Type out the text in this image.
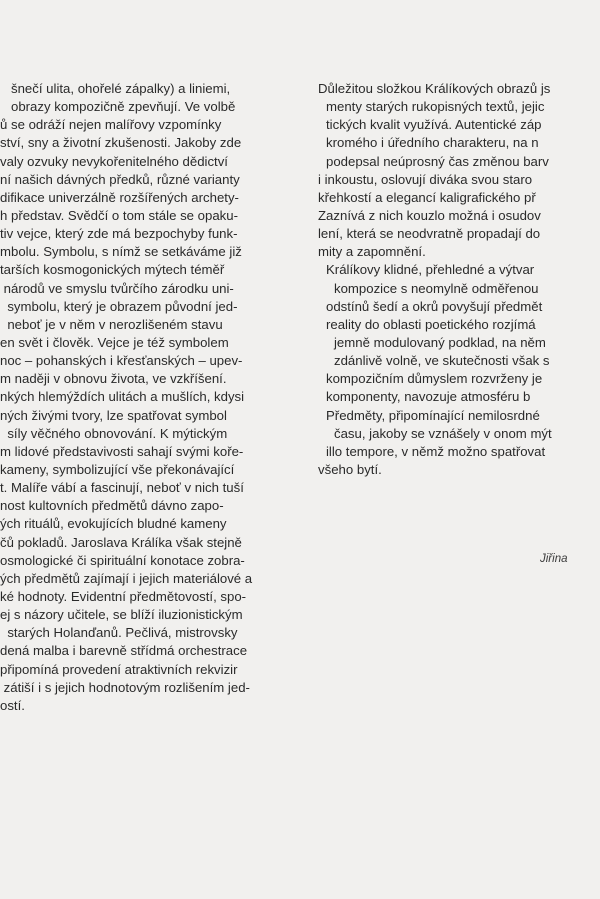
šnečí ulita, ohořelé zápalky) a liniemi,
obrazy kompozičně zpevňují. Ve volbě
ů se odráží nejen malířovy vzpomínky
ství, sny a životní zkušenosti. Jakoby zde
valy ozvuky nevykořenitelného dědictví
ní našich dávných předků, různé varianty
difikace univerzálně rozšířených archety-
h představ. Svědčí o tom stále se opaku-
tiv vejce, který zde má bezpochyby funk-
mbolu. Symbolu, s nímž se setkáváme již
tarších kosmogonických mýtech téměř
národů ve smyslu tvůrčího zárodku uni-
symbolu, který je obrazem původní jed-
neboť je v něm v nerozlišeném stavu
en svět i člověk. Vejce je též symbolem
noc – pohanských i křesťanských – upev-
m naději v obnovu života, ve vzkříšení.
nkých hlemýždích ulitách a mušlích, kdysi
ných živými tvory, lze spatřovat symbol
síly věčného obnovování. K mýtickým
m lidové představivosti sahají svými koře-
kameny, symbolizující vše překonávající
t. Malíře vábí a fascinují, neboť v nich tuší
nost kultovních předmětů dávno zapo-
ých rituálů, evokujících bludné kameny
čů pokladů. Jaroslava Králíka však stejně
osmologické či spirituální konotace zobra-
ých předmětů zajímají i jejich materiálové a
ké hodnoty. Evidentní předmětovostí, spo-
ej s názory učitele, se blíží iluzionistickým
starých Holanďanů. Pečlivá, mistrovsky
dená malba i barevně střídmá orchestrace
připomíná provedení atraktivních rekvizir
zátiší i s jejich hodnotovým rozlišením jed-
ostí.
Důležitou složkou Králíkových obrazů js
menty starých rukopisných textů, jejic
tických kvalit využívá. Autentické záp
kromého i úředního charakteru, na n
podepsal neúprosný čas změnou barv
i inkoustu, oslovují diváka svou staro
křehkostí a elegancí kaligrafického př
Zaznívá z nich kouzlo možná i osudov
lení, která se neodvratně propadají do
mity a zapomnění.
Králíkovy klidné, přehledné a výtvar
kompozice s neomylně odměřenou
odstínů šedí a okrů povyšují předmět
reality do oblasti poetického rozjímá
jemně modulovaný podklad, na něm
zdánlivě volně, ve skutečnosti však s
kompozičním důmyslem rozvrženy je
komponenty, navozuje atmosféru b
Předměty, připomínající nemilosrdné
času, jakoby se vznášely v onom mýt
illo tempore, v němž možno spatřovat
všeho bytí.
Jiřina
